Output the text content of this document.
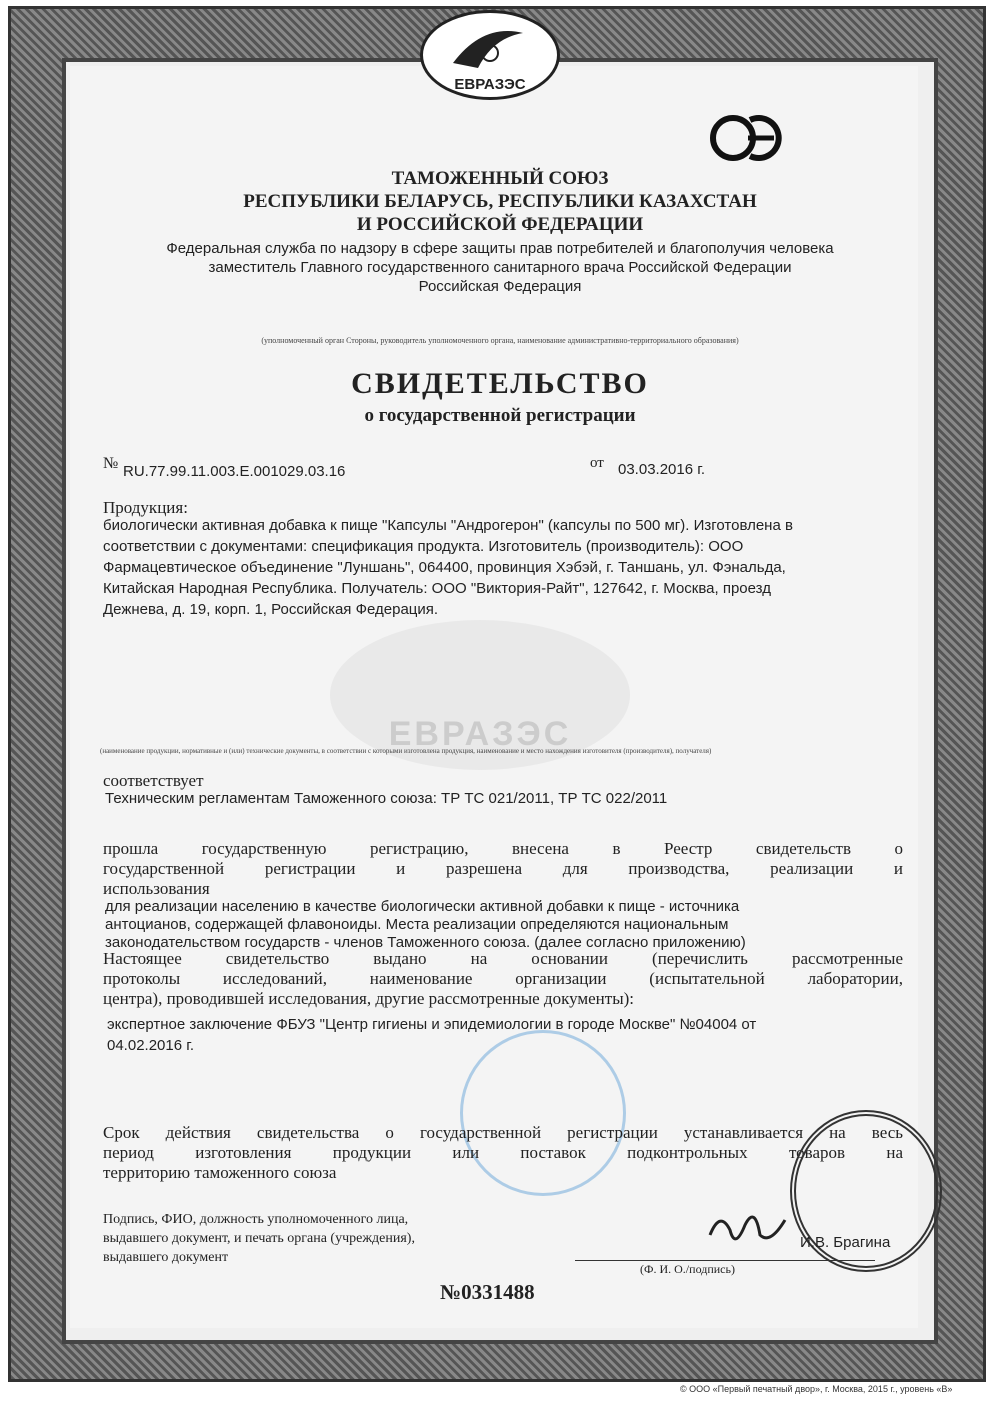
ЕВРАЗЭС
ЕВРАЗЭС
ТАМОЖЕННЫЙ СОЮЗ
РЕСПУБЛИКИ БЕЛАРУСЬ, РЕСПУБЛИКИ КАЗАХСТАН
И РОССИЙСКОЙ ФЕДЕРАЦИИ
Федеральная служба по надзору в сфере защиты прав потребителей и благополучия человека
заместитель Главного государственного санитарного врача Российской Федерации
Российская Федерация
(уполномоченный орган Стороны, руководитель уполномоченного органа, наименование административно-территориального образования)
СВИДЕТЕЛЬСТВО
о государственной регистрации
№ RU.77.99.11.003.E.001029.03.16	от 03.03.2016 г.
Продукция:
биологически активная добавка к пище "Капсулы "Андрогерон" (капсулы по 500 мг). Изготовлена в
соответствии с документами: спецификация продукта. Изготовитель (производитель): ООО
Фармацевтическое объединение "Луншань", 064400, провинция Хэбэй, г. Таншань, ул. Фэнальда,
Китайская Народная Республика. Получатель: ООО "Виктория-Райт", 127642, г. Москва, проезд
Дежнева, д. 19, корп. 1, Российская Федерация.
(наименование продукции, нормативные и (или) технические документы, в соответствии с которыми изготовлена продукция, наименование и место нахождения изготовителя (производителя), получателя)
соответствует
Техническим регламентам Таможенного союза: ТР ТС 021/2011, ТР ТС 022/2011
прошла государственную регистрацию, внесена в Реестр свидетельств о
государственной регистрации и разрешена для производства, реализации и
использования
для реализации населению в качестве биологически активной добавки к пище - источника
антоцианов, содержащей флавоноиды. Места реализации определяются национальным
законодательством государств - членов Таможенного союза. (далее согласно приложению)
Настоящее свидетельство выдано на основании (перечислить рассмотренные
протоколы исследований, наименование организации (испытательной лаборатории,
центра), проводившей исследования, другие рассмотренные документы):
экспертное заключение ФБУЗ "Центр гигиены и эпидемиологии в городе Москве" №04004 от
04.02.2016 г.
Срок действия свидетельства о государственной регистрации устанавливается на весь
период изготовления продукции или поставок подконтрольных товаров на
территорию таможенного союза
Подпись, ФИО, должность уполномоченного лица,
выдавшего документ, и печать органа (учреждения),
выдавшего документ
И.В. Брагина
(Ф. И. О./подпись)
№0331488
© ООО «Первый печатный двор», г. Москва, 2015 г., уровень «В»
